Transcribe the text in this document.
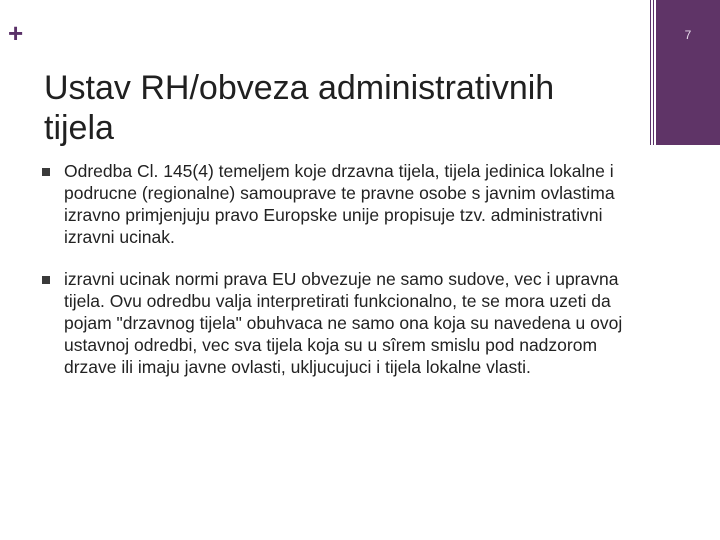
+
Ustav RH/obveza administrativnih tijela
7
Odredba Cl. 145(4) temeljem koje drzavna tijela, tijela jedinica lokalne i podrucne (regionalne) samouprave te pravne osobe s javnim ovlastima izravno primjenjuju pravo Europske unije propisuje tzv. administrativni izravni ucinak.
izravni ucinak normi prava EU obvezuje ne samo sudove, vec i upravna tijela. Ovu odredbu valja interpretirati funkcionalno, te se mora uzeti da pojam "drzavnog tijela" obuhvaca ne samo ona koja su navedena u ovoj ustavnoj odredbi, vec sva tijela koja su u sîrem smislu pod nadzorom drzave ili imaju javne ovlasti, ukljucujuci i tijela lokalne vlasti.
